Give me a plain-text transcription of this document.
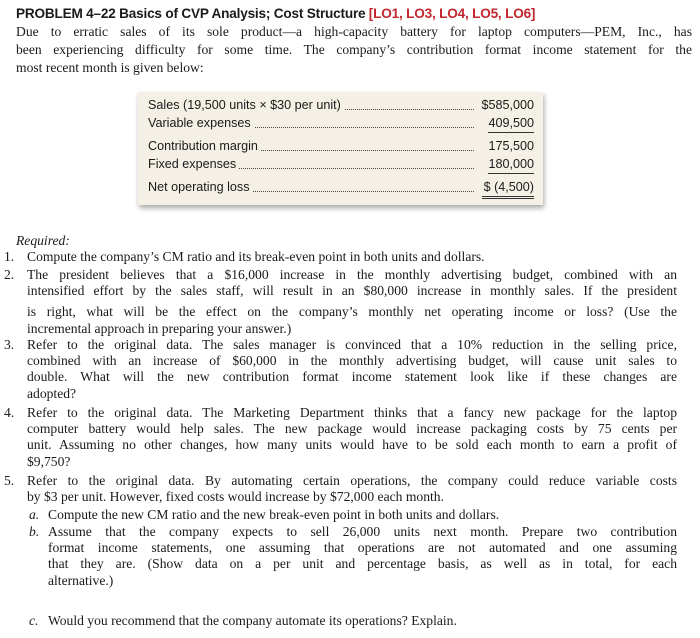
PROBLEM 4–22 Basics of CVP Analysis; Cost Structure [LO1, LO3, LO4, LO5, LO6]
Due to erratic sales of its sole product—a high-capacity battery for laptop computers—PEM, Inc., has
been experiencing difficulty for some time. The company’s contribution format income statement for the
most recent month is given below:
Sales (19,500 units × $30 per unit)	$585,000
Variable expenses	409,500
Contribution margin	175,500
Fixed expenses	180,000
Net operating loss	$ (4,500)
Required:
1. Compute the company’s CM ratio and its break-even point in both units and dollars.
2. The president believes that a $16,000 increase in the monthly advertising budget, combined with an
intensified effort by the sales staff, will result in an $80,000 increase in monthly sales. If the president
is right, what will be the effect on the company’s monthly net operating income or loss? (Use the
incremental approach in preparing your answer.)
3. Refer to the original data. The sales manager is convinced that a 10% reduction in the selling price,
combined with an increase of $60,000 in the monthly advertising budget, will cause unit sales to
double. What will the new contribution format income statement look like if these changes are
adopted?
4. Refer to the original data. The Marketing Department thinks that a fancy new package for the laptop
computer battery would help sales. The new package would increase packaging costs by 75 cents per
unit. Assuming no other changes, how many units would have to be sold each month to earn a profit of
$9,750?
5. Refer to the original data. By automating certain operations, the company could reduce variable costs
by $3 per unit. However, fixed costs would increase by $72,000 each month.
a. Compute the new CM ratio and the new break-even point in both units and dollars.
b. Assume that the company expects to sell 26,000 units next month. Prepare two contribution
format income statements, one assuming that operations are not automated and one assuming
that they are. (Show data on a per unit and percentage basis, as well as in total, for each
alternative.)
c. Would you recommend that the company automate its operations? Explain.
